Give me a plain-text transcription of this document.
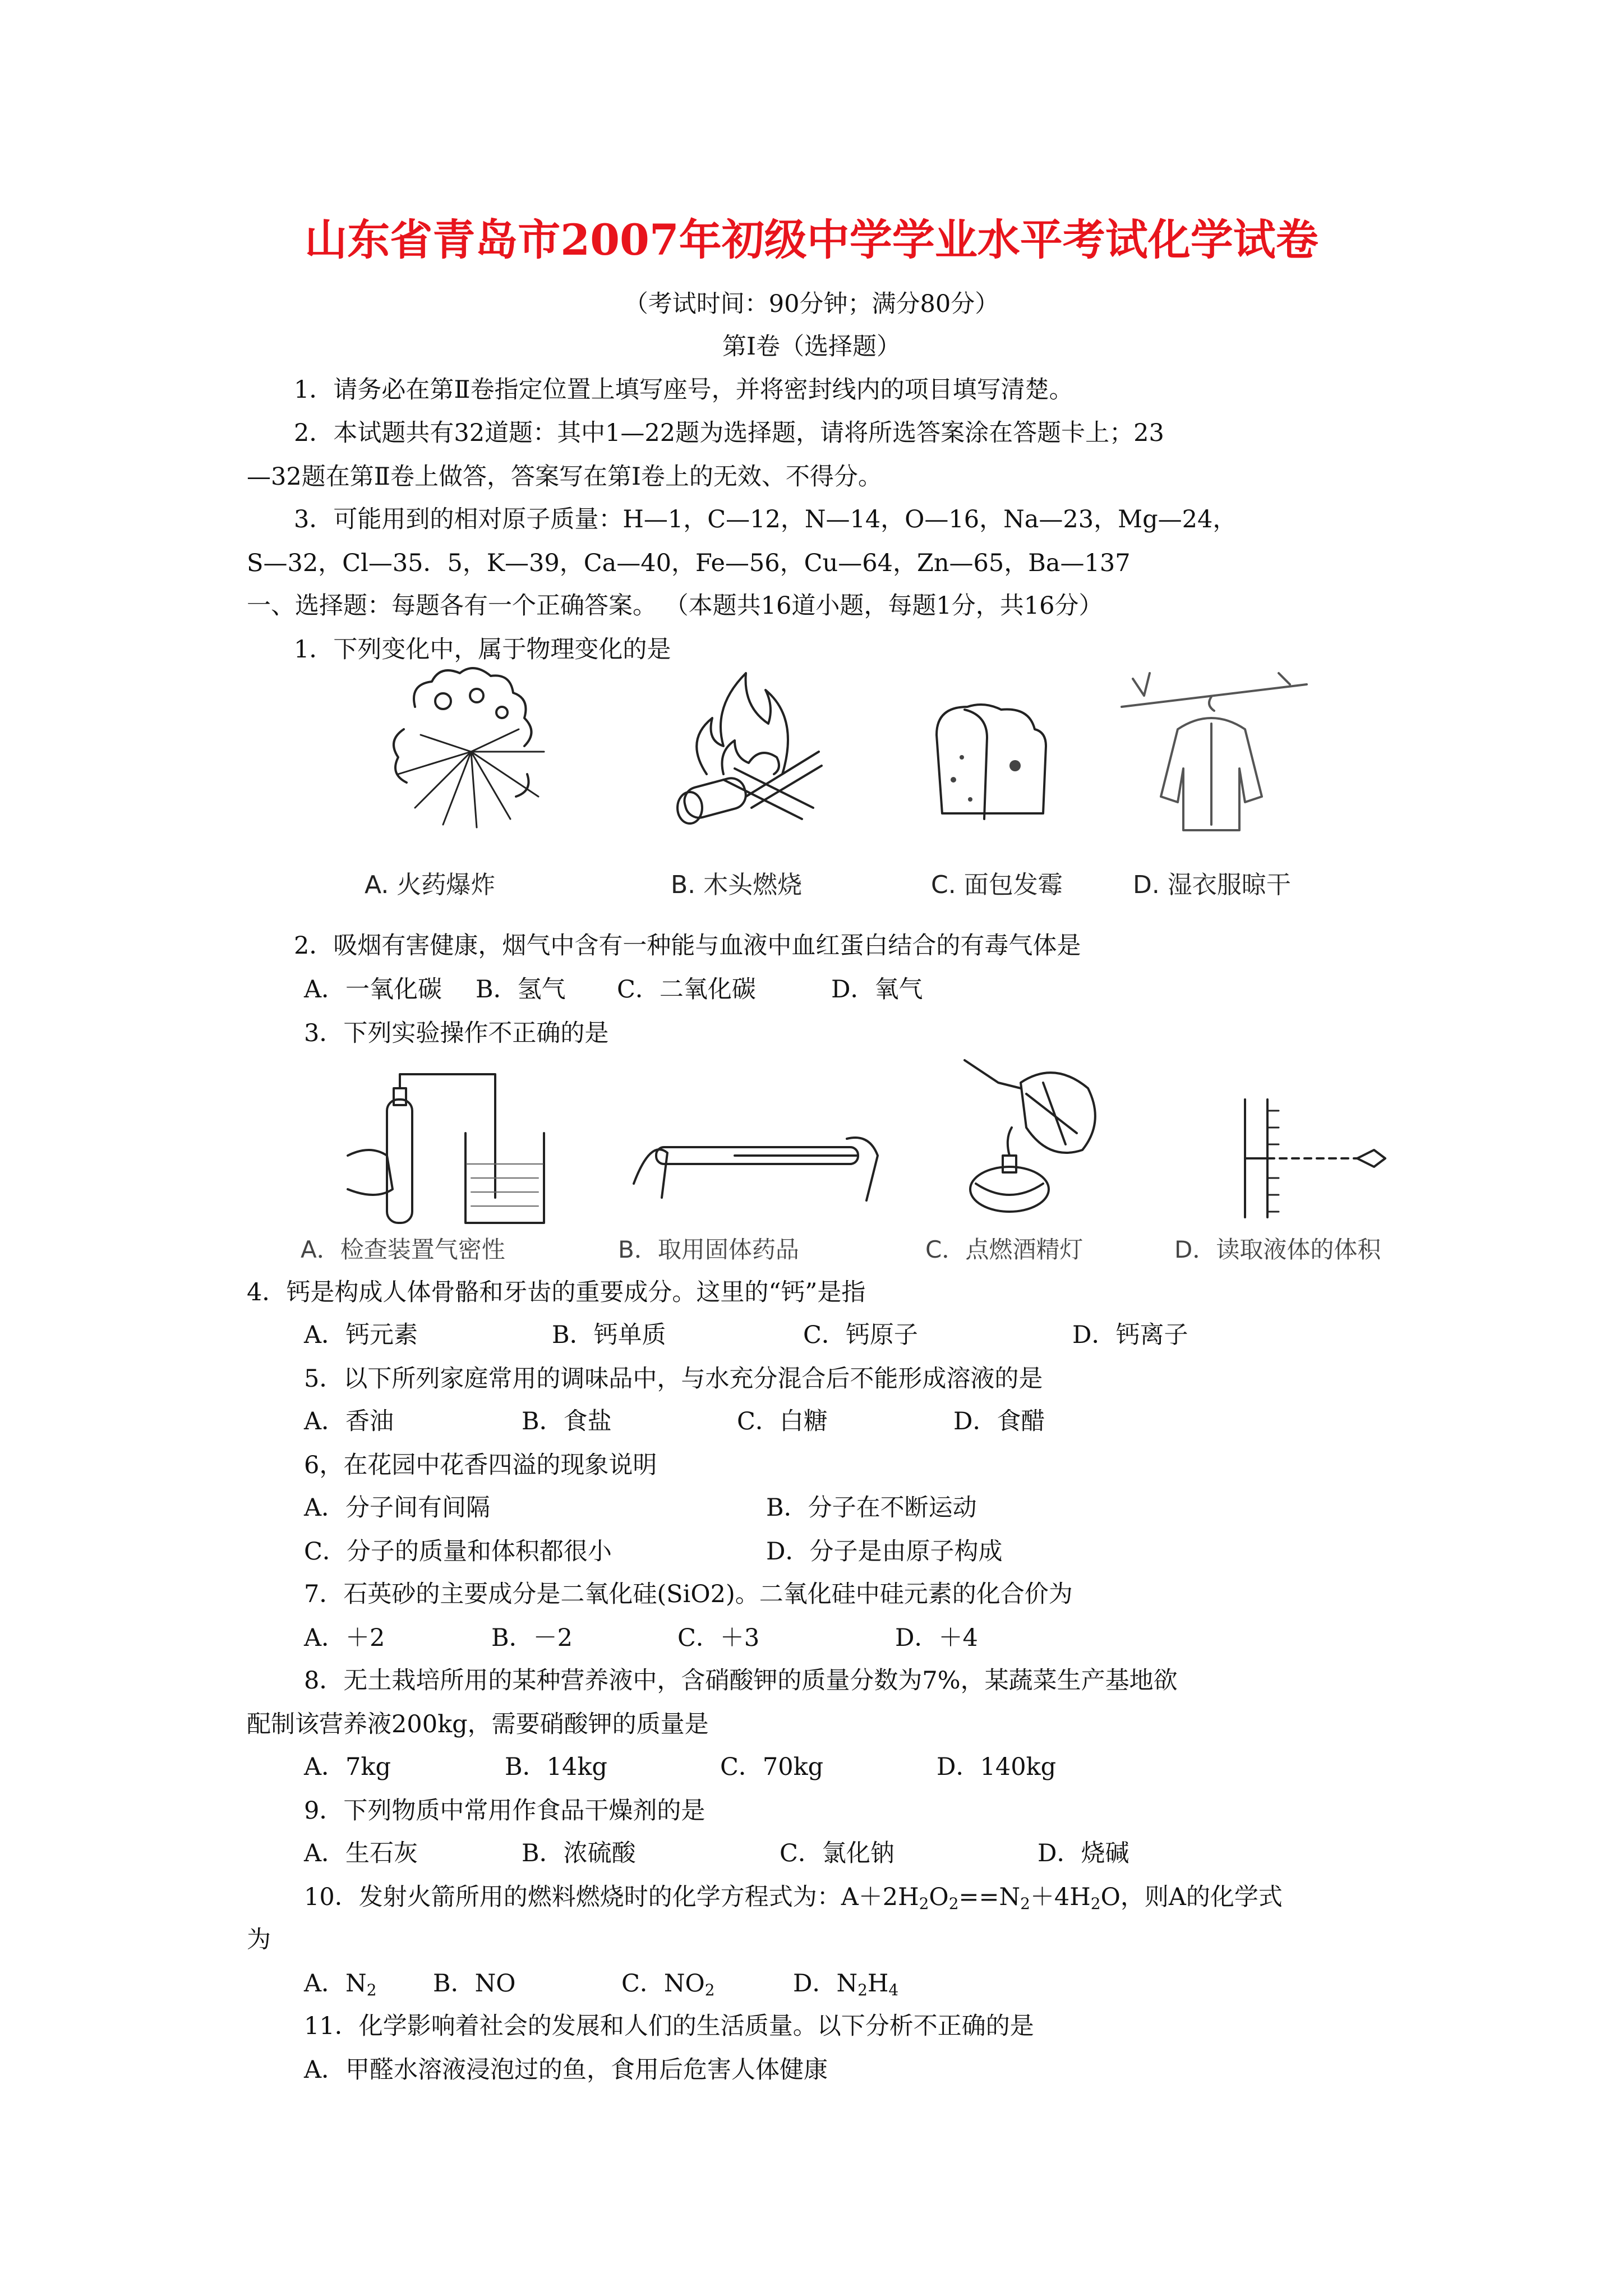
山东省青岛市2007年初级中学学业水平考试化学试卷
（考试时间：90分钟；满分80分）
第Ⅰ卷（选择题）
1．请务必在第Ⅱ卷指定位置上填写座号，并将密封线内的项目填写清楚。
2．本试题共有32道题：其中1—22题为选择题，请将所选答案涂在答题卡上；23
—32题在第Ⅱ卷上做答，答案写在第Ⅰ卷上的无效、不得分。
3．可能用到的相对原子质量：H—1，C—12，N—14，O—16，Na—23，Mg—24，
S—32，Cl—35．5，K—39，Ca—40，Fe—56，Cu—64，Zn—65，Ba—137
一、选择题：每题各有一个正确答案。 （本题共16道小题，每题1分，共16分）
1．下列变化中，属于物理变化的是
A. 火药爆炸	B. 木头燃烧	C. 面包发霉	D. 湿衣服晾干
2．吸烟有害健康，烟气中含有一种能与血液中血红蛋白结合的有毒气体是
A．一氧化碳 B．氢气 C．二氧化碳	D．氧气
3．下列实验操作不正确的是
A．检查装置气密性	B．取用固体药品	C．点燃酒精灯	D．读取液体的体积
4．钙是构成人体骨骼和牙齿的重要成分。这里的“钙”是指
A．钙元素	B．钙单质	C．钙原子	D．钙离子
5．以下所列家庭常用的调味品中，与水充分混合后不能形成溶液的是
A．香油	B．食盐	C．白糖	D．食醋
6，在花园中花香四溢的现象说明
A．分子间有间隔	B．分子在不断运动
C．分子的质量和体积都很小	D．分子是由原子构成
7．石英砂的主要成分是二氧化硅(SiO2)。二氧化硅中硅元素的化合价为
A．＋2	B．－2	C．＋3	D．＋4
8．无土栽培所用的某种营养液中，含硝酸钾的质量分数为7%，某蔬菜生产基地欲
配制该营养液200kg，需要硝酸钾的质量是
A．7kg	B．14kg	C．70kg	D．140kg
9．下列物质中常用作食品干燥剂的是
A．生石灰	B．浓硫酸	C．氯化钠	D．烧碱
10．发射火箭所用的燃料燃烧时的化学方程式为：$A+2H_2O_2==N_2+4H_2O$，则A的化学式
为
A．$N_2$ B．NO	C．$NO_2$	D．$N_2H_4$
11．化学影响着社会的发展和人们的生活质量。以下分析不正确的是
A．甲醛水溶液浸泡过的鱼，食用后危害人体健康
